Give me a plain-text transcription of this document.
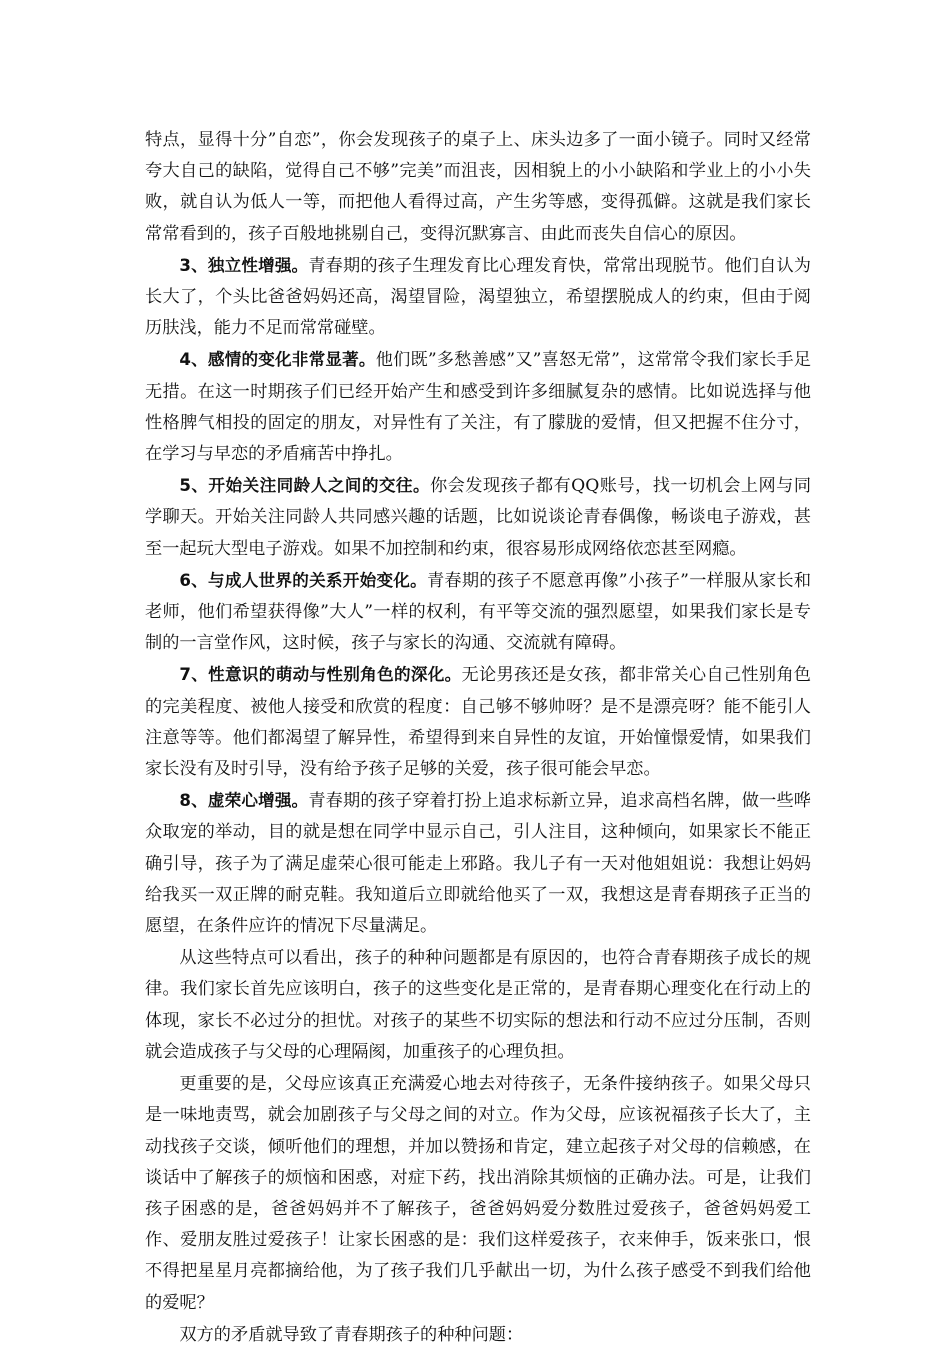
特点，显得十分”自恋”，你会发现孩子的桌子上、床头边多了一面小镜子。同时又经常夸大自己的缺陷，觉得自己不够”完美”而沮丧，因相貌上的小小缺陷和学业上的小小失败，就自认为低人一等，而把他人看得过高，产生劣等感，变得孤僻。这就是我们家长常常看到的，孩子百般地挑剔自己，变得沉默寡言、由此而丧失自信心的原因。

3、独立性增强。青春期的孩子生理发育比心理发育快，常常出现脱节。他们自认为长大了，个头比爸爸妈妈还高，渴望冒险，渴望独立，希望摆脱成人的约束，但由于阅历肤浅，能力不足而常常碰壁。

4、感情的变化非常显著。他们既”多愁善感”又”喜怒无常”，这常常令我们家长手足无措。在这一时期孩子们已经开始产生和感受到许多细腻复杂的感情。比如说选择与他性格脾气相投的固定的朋友，对异性有了关注，有了朦胧的爱情，但又把握不住分寸，在学习与早恋的矛盾痛苦中挣扎。

5、开始关注同龄人之间的交往。你会发现孩子都有QQ账号，找一切机会上网与同学聊天。开始关注同龄人共同感兴趣的话题，比如说谈论青春偶像，畅谈电子游戏，甚至一起玩大型电子游戏。如果不加控制和约束，很容易形成网络依恋甚至网瘾。

6、与成人世界的关系开始变化。青春期的孩子不愿意再像”小孩子”一样服从家长和老师，他们希望获得像”大人”一样的权利，有平等交流的强烈愿望，如果我们家长是专制的一言堂作风，这时候，孩子与家长的沟通、交流就有障碍。

7、性意识的萌动与性别角色的深化。无论男孩还是女孩，都非常关心自己性别角色的完美程度、被他人接受和欣赏的程度：自己够不够帅呀？是不是漂亮呀？能不能引人注意等等。他们都渴望了解异性，希望得到来自异性的友谊，开始憧憬爱情，如果我们家长没有及时引导，没有给予孩子足够的关爱，孩子很可能会早恋。

8、虚荣心增强。青春期的孩子穿着打扮上追求标新立异，追求高档名牌，做一些哗众取宠的举动，目的就是想在同学中显示自己，引人注目，这种倾向，如果家长不能正确引导，孩子为了满足虚荣心很可能走上邪路。我儿子有一天对他姐姐说：我想让妈妈给我买一双正牌的耐克鞋。我知道后立即就给他买了一双，我想这是青春期孩子正当的愿望，在条件应许的情况下尽量满足。

从这些特点可以看出，孩子的种种问题都是有原因的，也符合青春期孩子成长的规律。我们家长首先应该明白，孩子的这些变化是正常的，是青春期心理变化在行动上的体现，家长不必过分的担忧。对孩子的某些不切实际的想法和行动不应过分压制，否则就会造成孩子与父母的心理隔阂，加重孩子的心理负担。

更重要的是，父母应该真正充满爱心地去对待孩子，无条件接纳孩子。如果父母只是一味地责骂，就会加剧孩子与父母之间的对立。作为父母，应该祝福孩子长大了，主动找孩子交谈，倾听他们的理想，并加以赞扬和肯定，建立起孩子对父母的信赖感，在谈话中了解孩子的烦恼和困惑，对症下药，找出消除其烦恼的正确办法。可是，让我们孩子困惑的是，爸爸妈妈并不了解孩子，爸爸妈妈爱分数胜过爱孩子，爸爸妈妈爱工作、爱朋友胜过爱孩子！让家长困惑的是：我们这样爱孩子，衣来伸手，饭来张口，恨不得把星星月亮都摘给他，为了孩子我们几乎献出一切，为什么孩子感受不到我们给他的爱呢？

双方的矛盾就导致了青春期孩子的种种问题：
